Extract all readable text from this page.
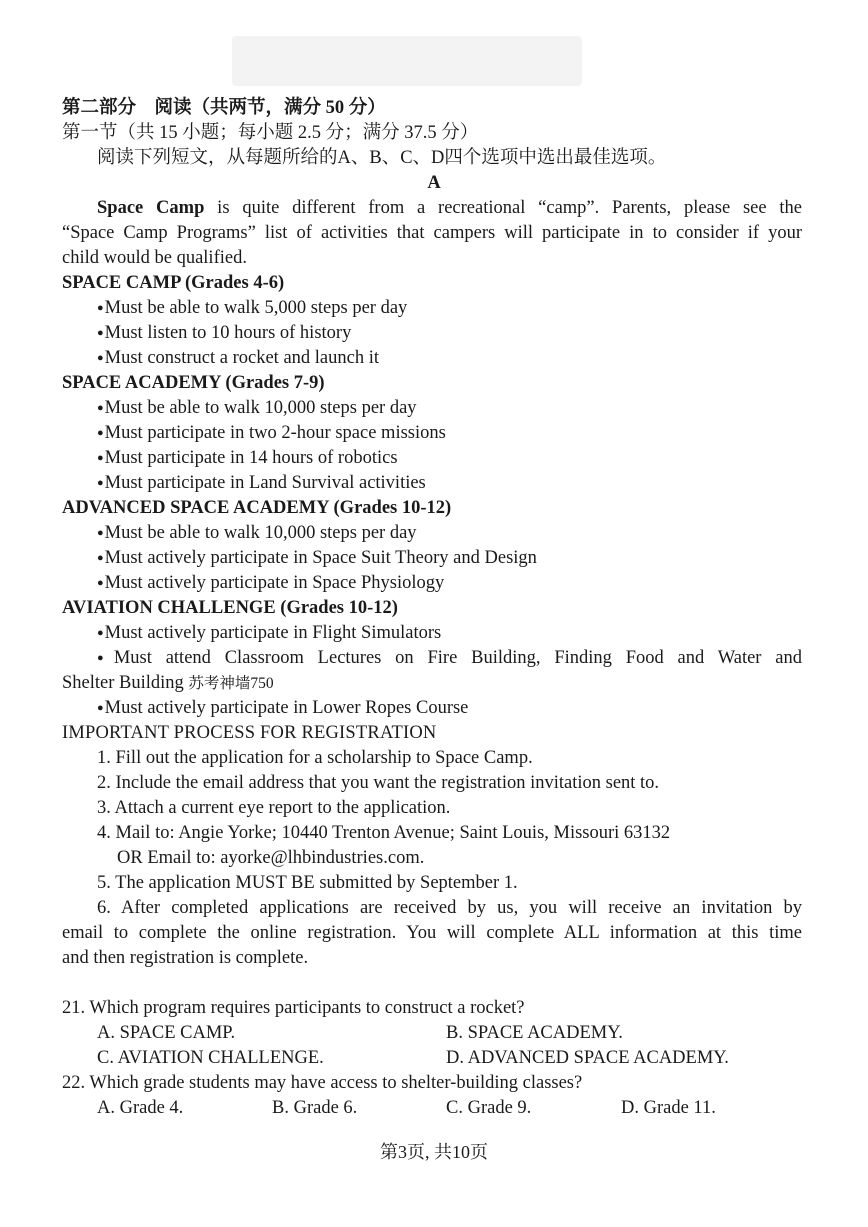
第二部分　阅读（共两节，满分 50 分）
第一节（共 15 小题；每小题 2.5 分；满分 37.5 分）
阅读下列短文，从每题所给的A、B、C、D四个选项中选出最佳选项。
A
Space Camp is quite different from a recreational “camp”. Parents, please see the
“Space Camp Programs” list of activities that campers will participate in to consider if your
child would be qualified.
SPACE CAMP (Grades 4-6)
● Must be able to walk 5,000 steps per day
● Must listen to 10 hours of history
● Must construct a rocket and launch it
SPACE ACADEMY (Grades 7-9)
● Must be able to walk 10,000 steps per day
● Must participate in two 2-hour space missions
● Must participate in 14 hours of robotics
● Must participate in Land Survival activities
ADVANCED SPACE ACADEMY (Grades 10-12)
● Must be able to walk 10,000 steps per day
● Must actively participate in Space Suit Theory and Design
● Must actively participate in Space Physiology
AVIATION CHALLENGE (Grades 10-12)
● Must actively participate in Flight Simulators
● Must attend Classroom Lectures on Fire Building, Finding Food and Water and
Shelter Building 苏考神墙750
● Must actively participate in Lower Ropes Course
IMPORTANT PROCESS FOR REGISTRATION
1. Fill out the application for a scholarship to Space Camp.
2. Include the email address that you want the registration invitation sent to.
3. Attach a current eye report to the application.
4. Mail to: Angie Yorke; 10440 Trenton Avenue; Saint Louis, Missouri 63132
OR Email to: ayorke@lhbindustries.com.
5. The application MUST BE submitted by September 1.
6. After completed applications are received by us, you will receive an invitation by
email to complete the online registration. You will complete ALL information at this time
and then registration is complete.
21. Which program requires participants to construct a rocket?
A. SPACE CAMP.	B. SPACE ACADEMY.
C. AVIATION CHALLENGE.	D. ADVANCED SPACE ACADEMY.
22. Which grade students may have access to shelter-building classes?
A. Grade 4.	B. Grade 6.	C. Grade 9.	D. Grade 11.
第3页, 共10页
